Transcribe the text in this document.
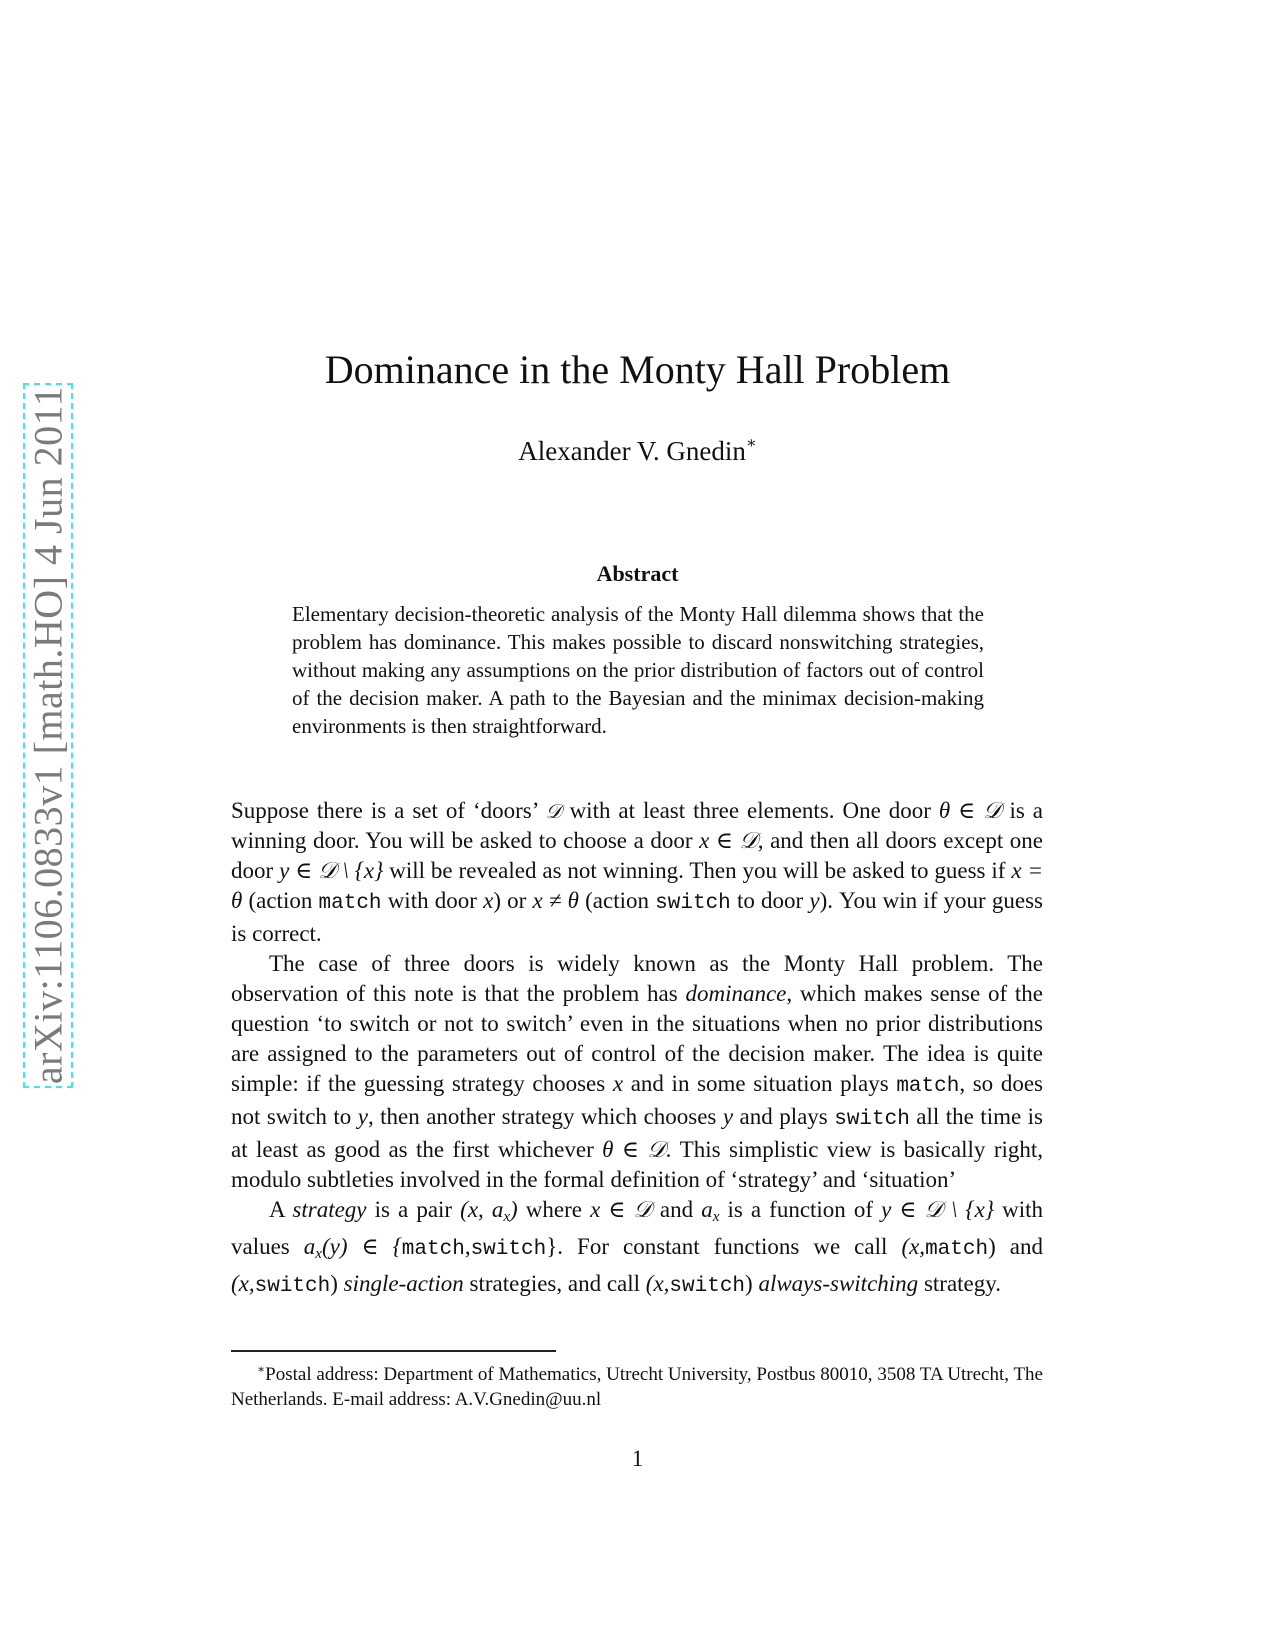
arXiv:1106.0833v1 [math.HO] 4 Jun 2011
Dominance in the Monty Hall Problem
Alexander V. Gnedin∗
Abstract

Elementary decision-theoretic analysis of the Monty Hall dilemma shows that the problem has dominance. This makes possible to discard nonswitching strategies, without making any assumptions on the prior distribution of factors out of control of the decision maker. A path to the Bayesian and the minimax decision-making environments is then straightforward.

Suppose there is a set of ‘doors’ 𝒟 with at least three elements. One door θ ∈ 𝒟 is a winning door. You will be asked to choose a door x ∈ 𝒟, and then all doors except one door y ∈ 𝒟 \ {x} will be revealed as not winning. Then you will be asked to guess if x = θ (action match with door x) or x ≠ θ (action switch to door y). You win if your guess is correct.

The case of three doors is widely known as the Monty Hall problem. The observation of this note is that the problem has dominance, which makes sense of the question ‘to switch or not to switch’ even in the situations when no prior distributions are assigned to the parameters out of control of the decision maker. The idea is quite simple: if the guessing strategy chooses x and in some situation plays match, so does not switch to y, then another strategy which chooses y and plays switch all the time is at least as good as the first whichever θ ∈ 𝒟. This simplistic view is basically right, modulo subtleties involved in the formal definition of ‘strategy’ and ‘situation’

A strategy is a pair (x, $a_x$) where x ∈ 𝒟 and $a_x$ is a function of y ∈ 𝒟 \ {x} with values $a_x(y)$ ∈ {match,switch}. For constant functions we call (x,match) and (x,switch) single-action strategies, and call (x,switch) always-switching strategy.

∗Postal address: Department of Mathematics, Utrecht University, Postbus 80010, 3508 TA Utrecht, The Netherlands. E-mail address: A.V.Gnedin@uu.nl

1
